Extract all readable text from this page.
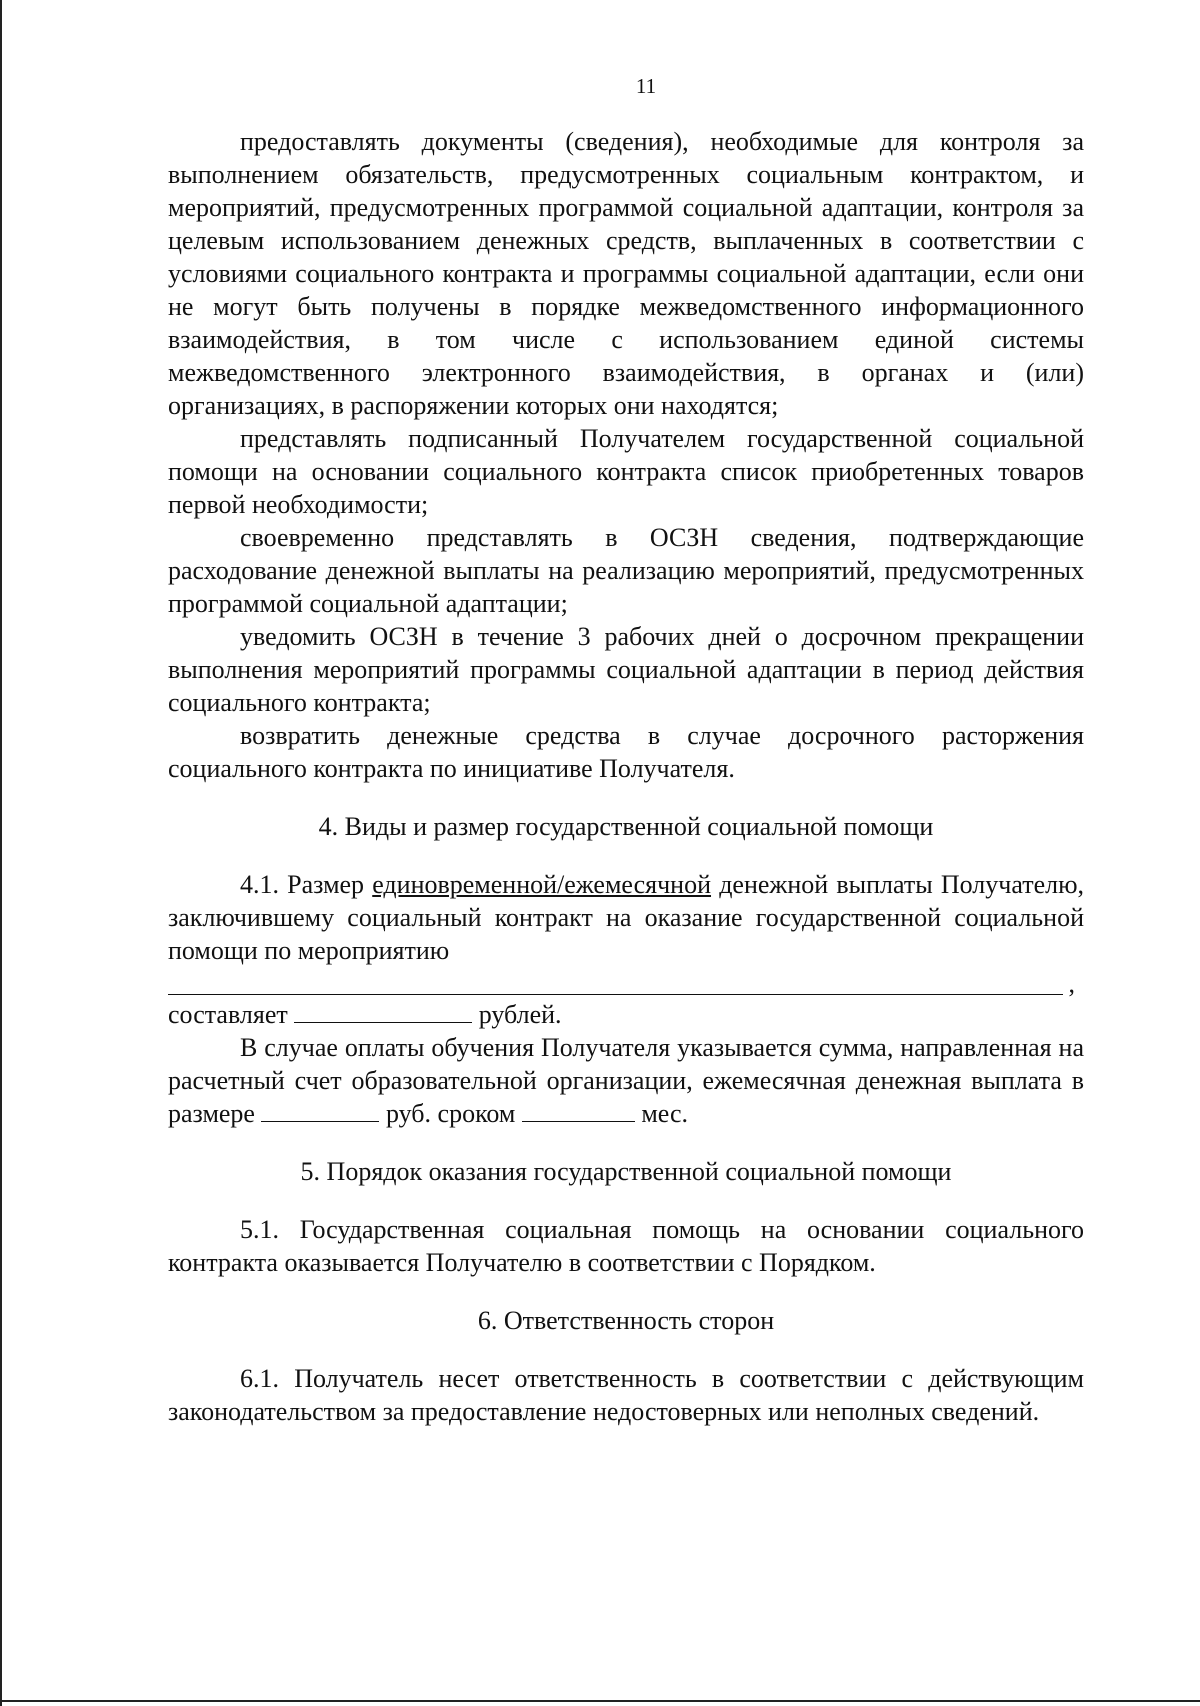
11

предоставлять документы (сведения), необходимые для контроля за выполнением обязательств, предусмотренных социальным контрактом, и мероприятий, предусмотренных программой социальной адаптации, контроля за целевым использованием денежных средств, выплаченных в соответствии с условиями социального контракта и программы социальной адаптации, если они не могут быть получены в порядке межведомственного информационного взаимодействия, в том числе с использованием единой системы межведомственного электронного взаимодействия, в органах и (или) организациях, в распоряжении которых они находятся;

представлять подписанный Получателем государственной социальной помощи на основании социального контракта список приобретенных товаров первой необходимости;

своевременно представлять в ОСЗН сведения, подтверждающие расходование денежной выплаты на реализацию мероприятий, предусмотренных программой социальной адаптации;

уведомить ОСЗН в течение 3 рабочих дней о досрочном прекращении выполнения мероприятий программы социальной адаптации в период действия социального контракта;

возвратить денежные средства в случае досрочного расторжения социального контракта по инициативе Получателя.

4. Виды и размер государственной социальной помощи

4.1. Размер единовременной/ежемесячной денежной выплаты Получателю, заключившему социальный контракт на оказание государственной социальной помощи по мероприятию

,
составляет	рублей.

В случае оплаты обучения Получателя указывается сумма, направленная на расчетный счет образовательной организации, ежемесячная денежная выплата в размере	руб. сроком	мес.

5. Порядок оказания государственной социальной помощи

5.1. Государственная социальная помощь на основании социального контракта оказывается Получателю в соответствии с Порядком.

6. Ответственность сторон

6.1. Получатель несет ответственность в соответствии с действующим законодательством за предоставление недостоверных или неполных сведений.
